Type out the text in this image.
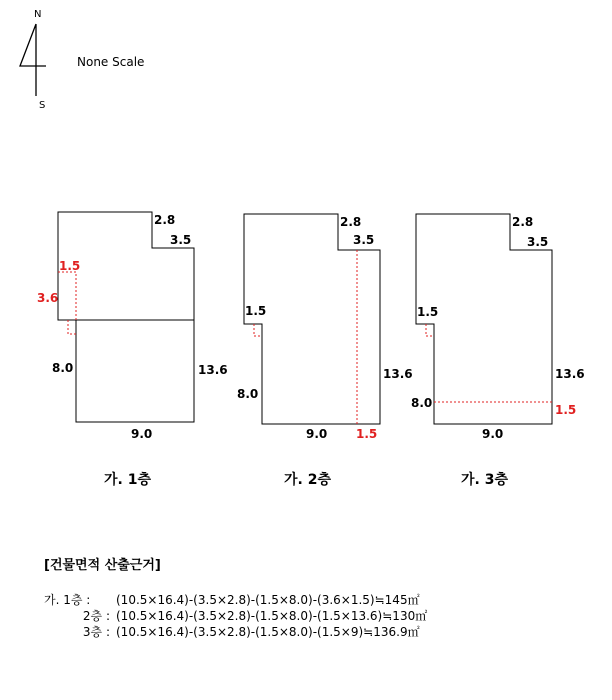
N
S
None Scale
2.8
3.5
1.5
3.6
8.0	13.6
9.0
가. 1층
2.8
3.5
1.5
8.0
13.6
9.0 1.5
가. 2층
2.8
3.5
1.5
8.0
13.6
9.0
1.5
가. 3층
[건물면적 산출근거]
가. 1층 : (10.5×16.4)-(3.5×2.8)-(1.5×8.0)-(3.6×1.5)≒145㎡
2층 : (10.5×16.4)-(3.5×2.8)-(1.5×8.0)-(1.5×13.6)≒130㎡
3층 : (10.5×16.4)-(3.5×2.8)-(1.5×8.0)-(1.5×9)≒136.9㎡
